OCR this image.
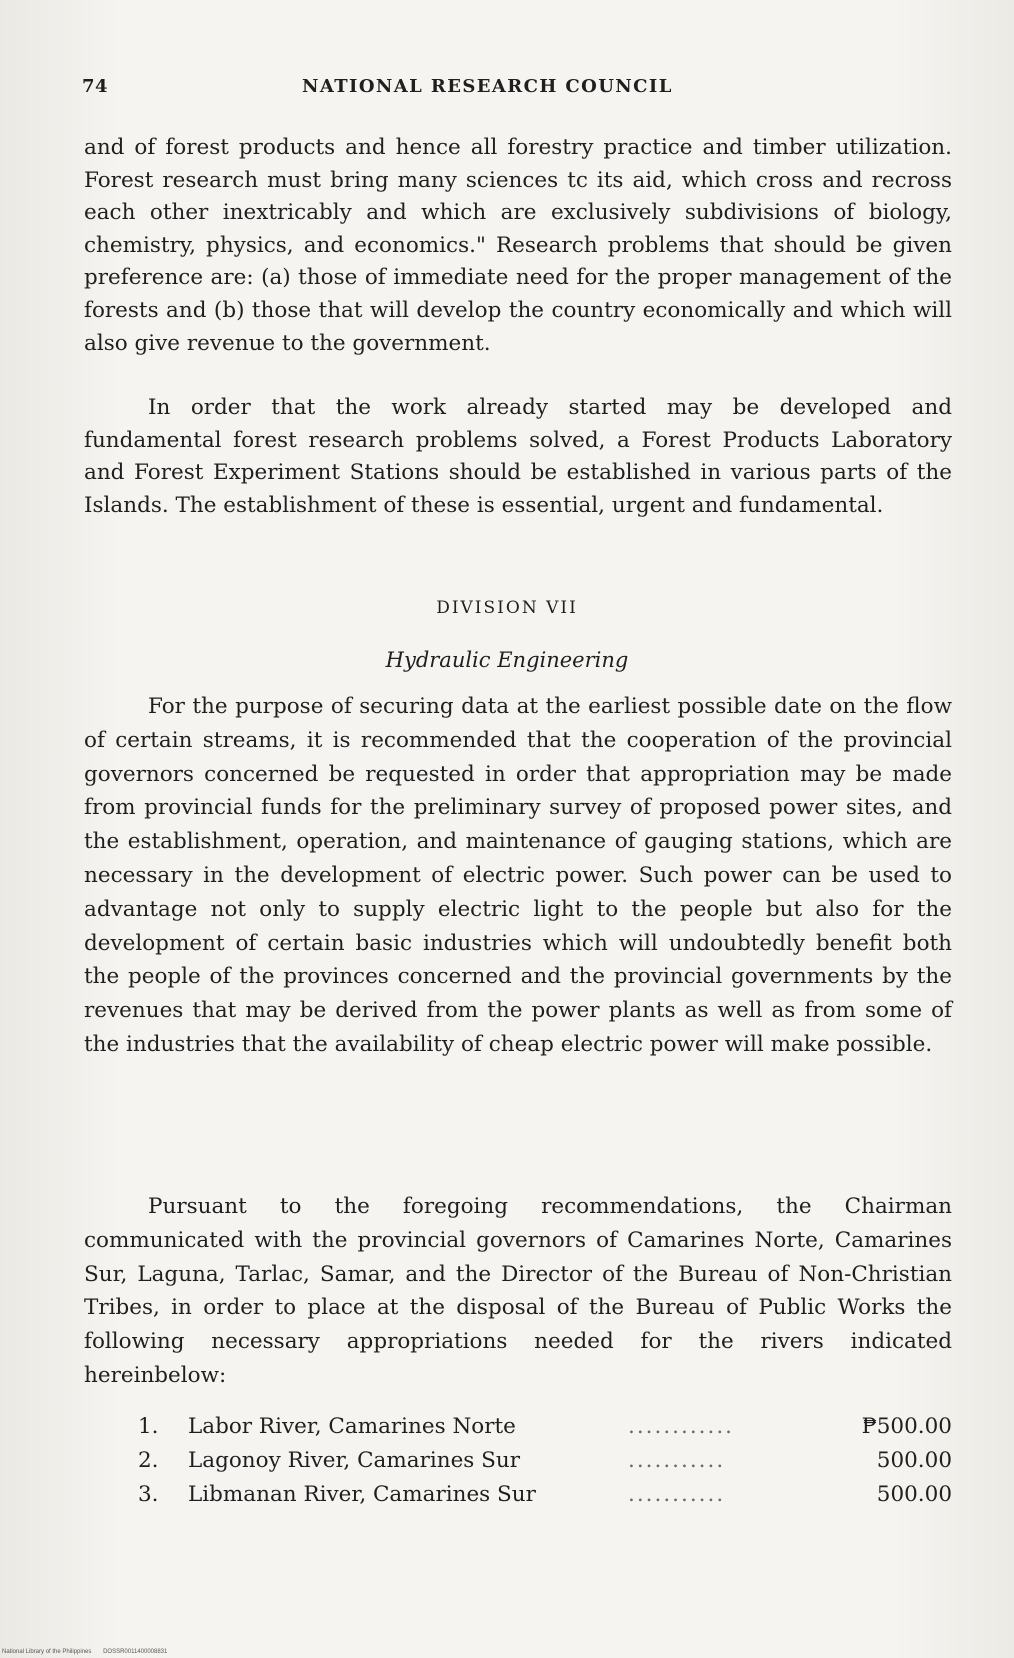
74	NATIONAL RESEARCH COUNCIL

and of forest products and hence all forestry practice and timber utilization. Forest research must bring many sciences tc its aid, which cross and recross each other inextricably and which are exclusively subdivisions of biology, chemistry, physics, and economics." Research problems that should be given preference are: (a) those of immediate need for the proper management of the forests and (b) those that will develop the country economically and which will also give revenue to the government.

In order that the work already started may be developed and fundamental forest research problems solved, a Forest Products Laboratory and Forest Experiment Stations should be established in various parts of the Islands. The establishment of these is essential, urgent and fundamental.

DIVISION VII

Hydraulic Engineering

For the purpose of securing data at the earliest possible date on the flow of certain streams, it is recommended that the cooperation of the provincial governors concerned be requested in order that appropriation may be made from provincial funds for the preliminary survey of proposed power sites, and the establishment, operation, and maintenance of gauging stations, which are necessary in the development of electric power. Such power can be used to advantage not only to supply electric light to the people but also for the development of certain basic industries which will undoubtedly benefit both the people of the provinces concerned and the provincial governments by the revenues that may be derived from the power plants as well as from some of the industries that the availability of cheap electric power will make possible.

Pursuant to the foregoing recommendations, the Chairman communicated with the provincial governors of Camarines Norte, Camarines Sur, Laguna, Tarlac, Samar, and the Director of the Bureau of Non-Christian Tribes, in order to place at the disposal of the Bureau of Public Works the following necessary appropriations needed for the rivers indicated hereinbelow:

1.	Labor River, Camarines Norte	............	₱500.00
2.	Lagonoy River, Camarines Sur	...........	500.00
3.	Libmanan River, Camarines Sur	...........	500.00
National Library of the Philippines DOSSR0011400008831
